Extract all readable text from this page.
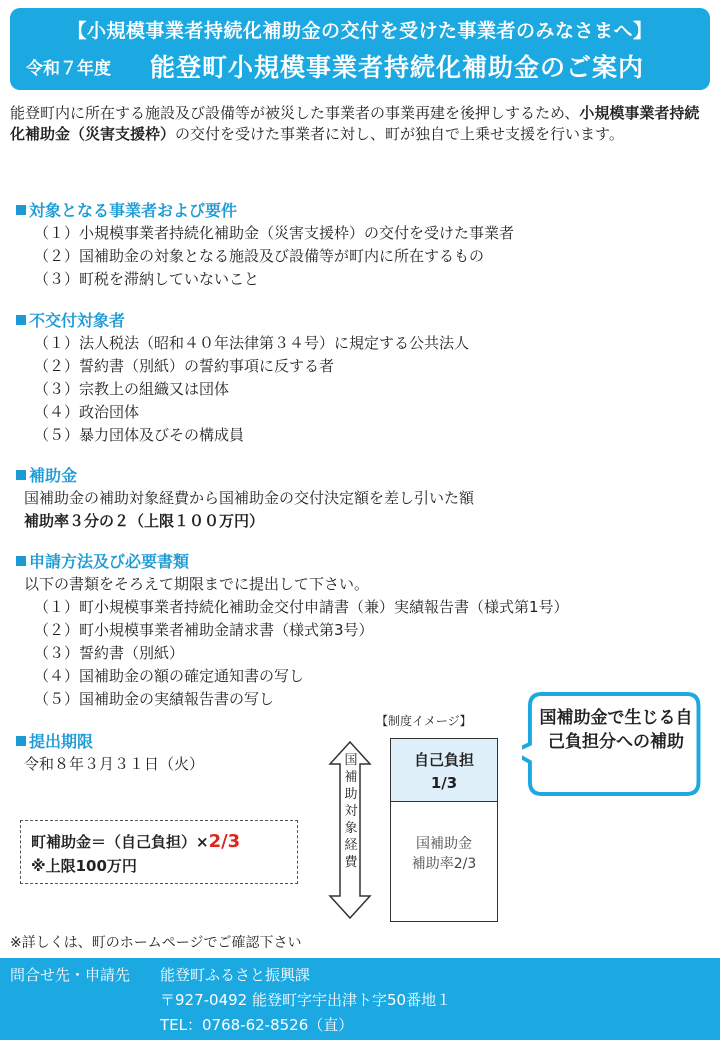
【小規模事業者持続化補助金の交付を受けた事業者のみなさまへ】
令和７年度 能登町小規模事業者持続化補助金のご案内
能登町内に所在する施設及び設備等が被災した事業者の事業再建を後押しするため、小規模事業者持続化補助金（災害支援枠）の交付を受けた事業者に対し、町が独自で上乗せ支援を行います。
対象となる事業者および要件
（１）小規模事業者持続化補助金（災害支援枠）の交付を受けた事業者
（２）国補助金の対象となる施設及び設備等が町内に所在するもの
（３）町税を滞納していないこと
不交付対象者
（１）法人税法（昭和４０年法律第３４号）に規定する公共法人
（２）誓約書（別紙）の誓約事項に反する者
（３）宗教上の組織又は団体
（４）政治団体
（５）暴力団体及びその構成員
補助金
国補助金の補助対象経費から国補助金の交付決定額を差し引いた額
補助率３分の２（上限１００万円）
申請方法及び必要書類
以下の書類をそろえて期限までに提出して下さい。
（１）町小規模事業者持続化補助金交付申請書（兼）実績報告書（様式第1号）
（２）町小規模事業者補助金請求書（様式第3号）
（３）誓約書（別紙）
（４）国補助金の額の確定通知書の写し
（５）国補助金の実績報告書の写し
提出期限
令和８年３月３１日（火）
町補助金＝（自己負担）×2/3
※上限100万円
【制度イメージ】
国補助対象経費
自己負担
1/3
国補助金
補助率2/3
国補助金で生じる自己負担分への補助
※詳しくは、町のホームページでご確認下さい
問合せ先・申請先 能登町ふるさと振興課
〒927-0492 能登町字宇出津ト字50番地１
TEL：0768-62-8526（直）
